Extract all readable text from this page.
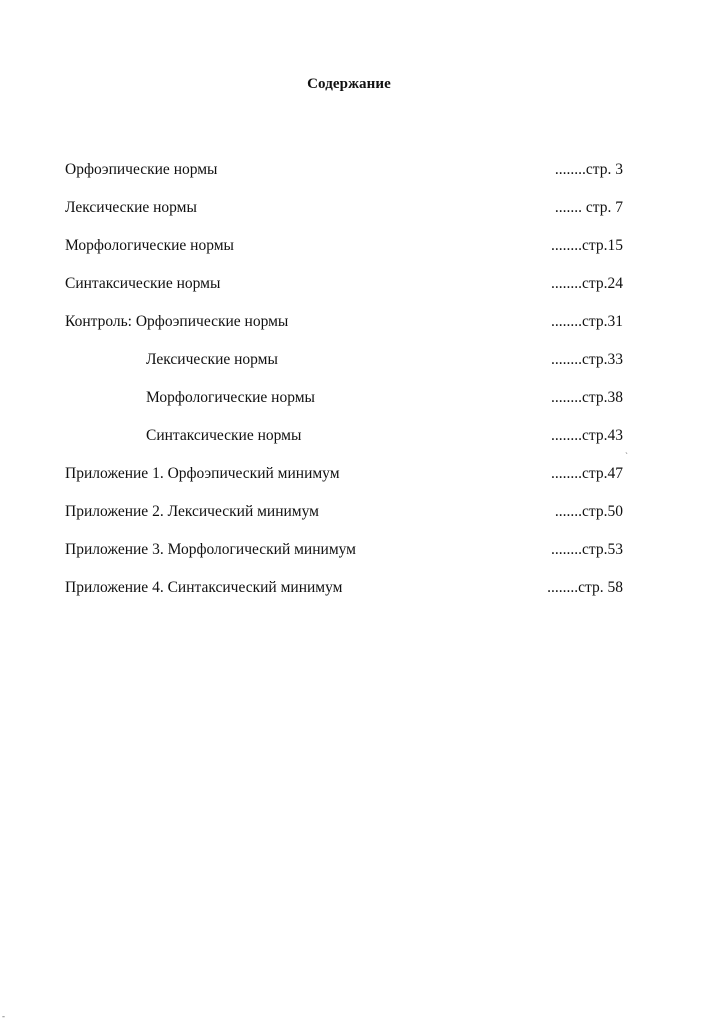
Содержание
Орфоэпические нормы	........стр. 3
Лексические нормы	....... стр. 7
Морфологические нормы	........стр.15
Синтаксические нормы	........стр.24
Контроль: Орфоэпические нормы	........стр.31
Лексические нормы	........стр.33
Морфологические нормы	........стр.38
Синтаксические нормы	........стр.43
Приложение 1. Орфоэпический минимум	........стр.47
Приложение 2. Лексический минимум	.......стр.50
Приложение 3. Морфологический минимум	........стр.53
Приложение 4. Синтаксический минимум	........стр. 58
`
-
